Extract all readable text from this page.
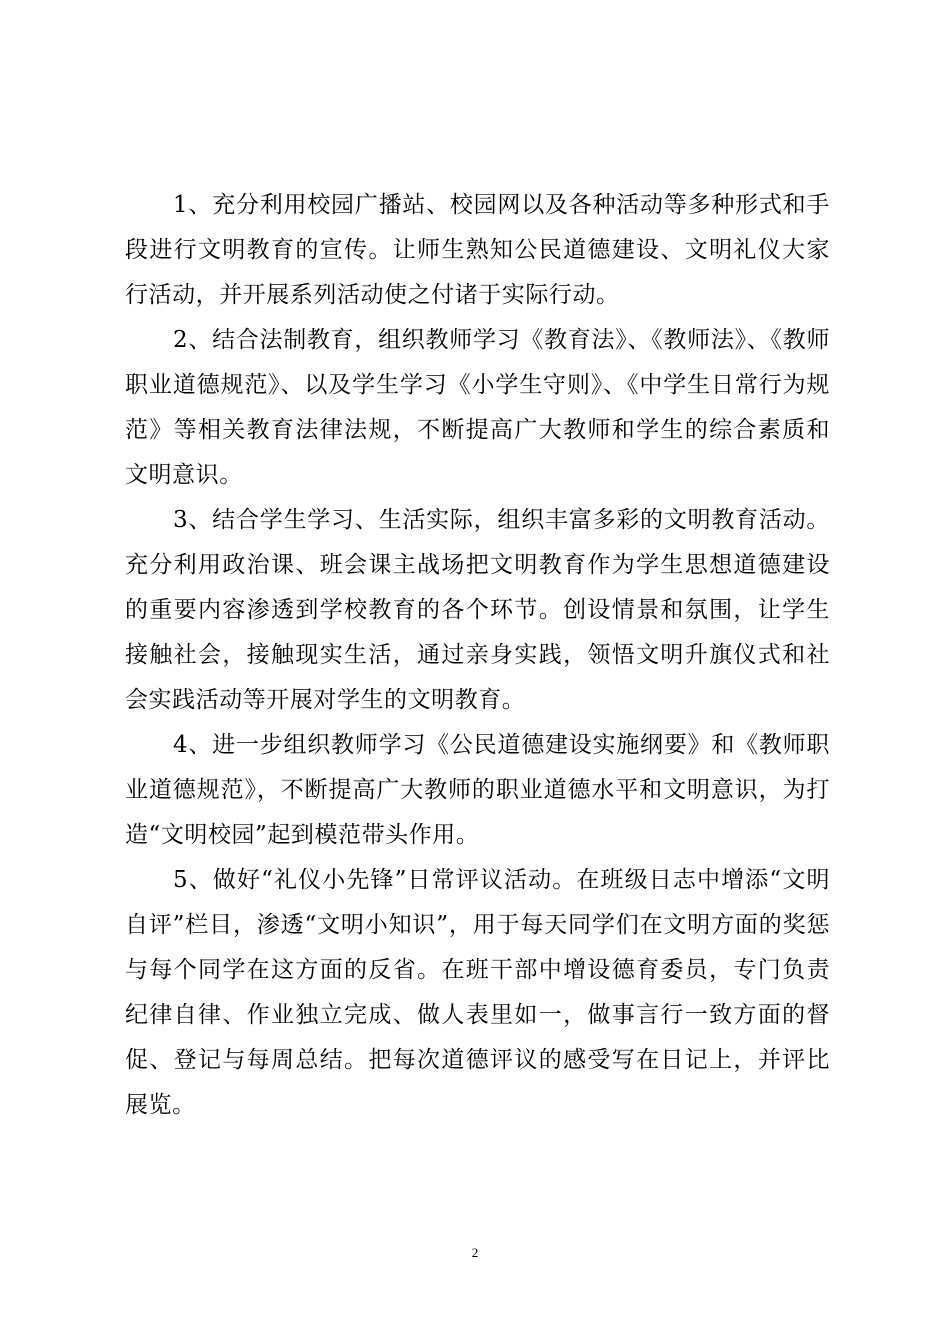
1、充分利用校园广播站、校园网以及各种活动等多种形式和手段进行文明教育的宣传。让师生熟知公民道德建设、文明礼仪大家行活动，并开展系列活动使之付诸于实际行动。

2、结合法制教育，组织教师学习《教育法》、《教师法》、《教师职业道德规范》、以及学生学习《小学生守则》、《中学生日常行为规范》等相关教育法律法规，不断提高广大教师和学生的综合素质和文明意识。

3、结合学生学习、生活实际，组织丰富多彩的文明教育活动。充分利用政治课、班会课主战场把文明教育作为学生思想道德建设的重要内容渗透到学校教育的各个环节。创设情景和氛围，让学生接触社会，接触现实生活，通过亲身实践，领悟文明升旗仪式和社会实践活动等开展对学生的文明教育。

4、进一步组织教师学习《公民道德建设实施纲要》和《教师职业道德规范》，不断提高广大教师的职业道德水平和文明意识，为打造“文明校园”起到模范带头作用。

5、做好“礼仪小先锋”日常评议活动。在班级日志中增添“文明自评”栏目，渗透“文明小知识”，用于每天同学们在文明方面的奖惩与每个同学在这方面的反省。在班干部中增设德育委员，专门负责纪律自律、作业独立完成、做人表里如一，做事言行一致方面的督促、登记与每周总结。把每次道德评议的感受写在日记上，并评比展览。

2
